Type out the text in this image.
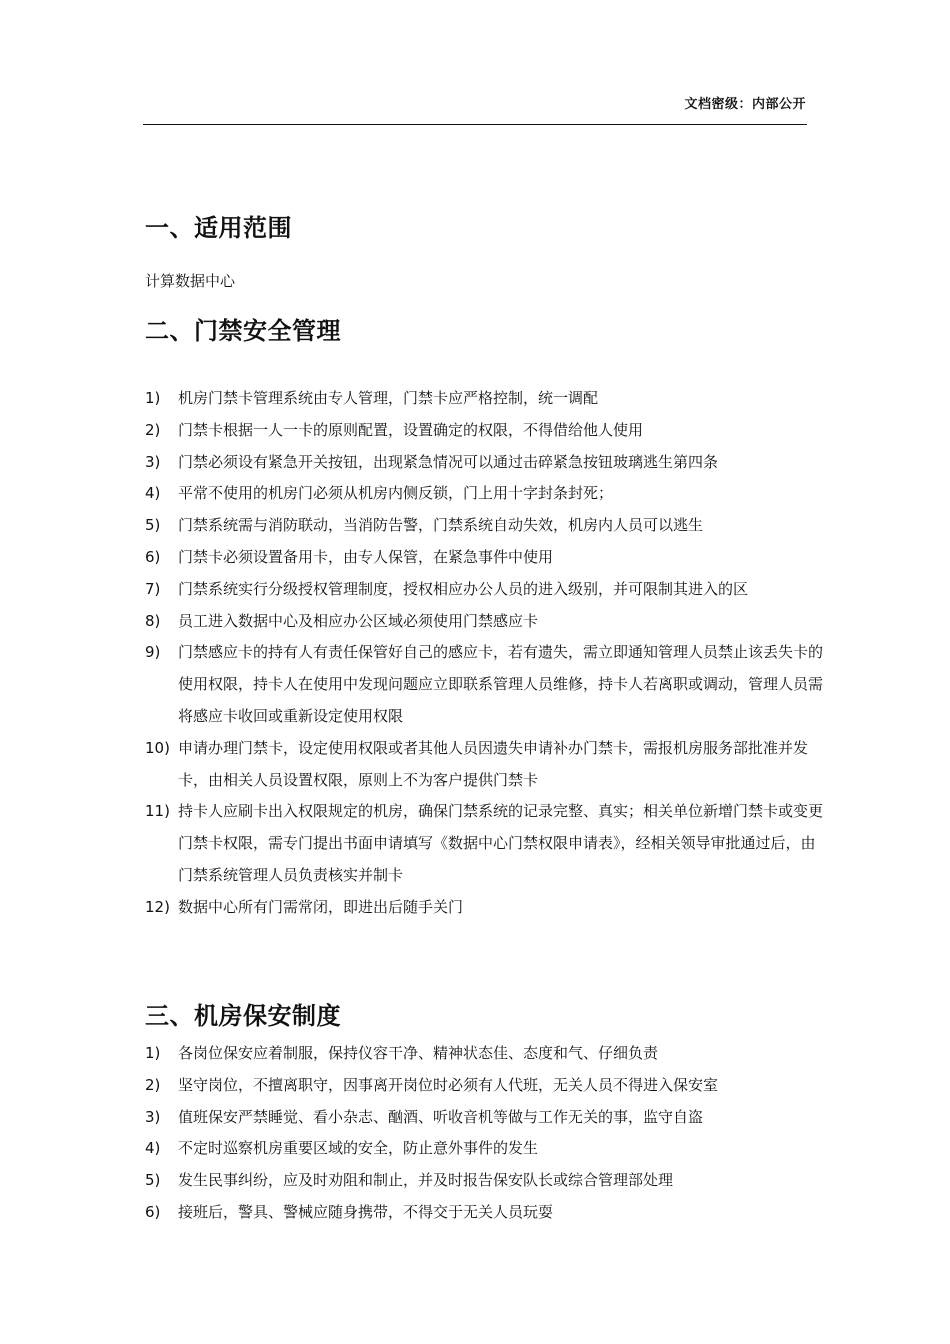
文档密级：内部公开
一、适用范围

计算数据中心

二、门禁安全管理
1)	机房门禁卡管理系统由专人管理，门禁卡应严格控制，统一调配
2)	门禁卡根据一人一卡的原则配置，设置确定的权限，不得借给他人使用
3)	门禁必须设有紧急开关按钮，出现紧急情况可以通过击碎紧急按钮玻璃逃生第四条
4)	平常不使用的机房门必须从机房内侧反锁，门上用十字封条封死；
5)	门禁系统需与消防联动，当消防告警，门禁系统自动失效，机房内人员可以逃生
6)	门禁卡必须设置备用卡，由专人保管，在紧急事件中使用
7)	门禁系统实行分级授权管理制度，授权相应办公人员的进入级别，并可限制其进入的区
8)	员工进入数据中心及相应办公区域必须使用门禁感应卡
9)	门禁感应卡的持有人有责任保管好自己的感应卡，若有遗失，需立即通知管理人员禁止该丢失卡的使用权限，持卡人在使用中发现问题应立即联系管理人员维修，持卡人若离职或调动，管理人员需将感应卡收回或重新设定使用权限
10) 申请办理门禁卡，设定使用权限或者其他人员因遗失申请补办门禁卡，需报机房服务部批准并发卡，由相关人员设置权限，原则上不为客户提供门禁卡
11) 持卡人应刷卡出入权限规定的机房，确保门禁系统的记录完整、真实；相关单位新增门禁卡或变更门禁卡权限，需专门提出书面申请填写《数据中心门禁权限申请表》，经相关领导审批通过后，由门禁系统管理人员负责核实并制卡
12) 数据中心所有门需常闭，即进出后随手关门
三、机房保安制度
1)	各岗位保安应着制服，保持仪容干净、精神状态佳、态度和气、仔细负责
2)	坚守岗位，不擅离职守，因事离开岗位时必须有人代班，无关人员不得进入保安室
3)	值班保安严禁睡觉、看小杂志、酗酒、听收音机等做与工作无关的事，监守自盗
4)	不定时巡察机房重要区域的安全，防止意外事件的发生
5)	发生民事纠纷，应及时劝阻和制止，并及时报告保安队长或综合管理部处理
6)	接班后，警具、警械应随身携带，不得交于无关人员玩耍
